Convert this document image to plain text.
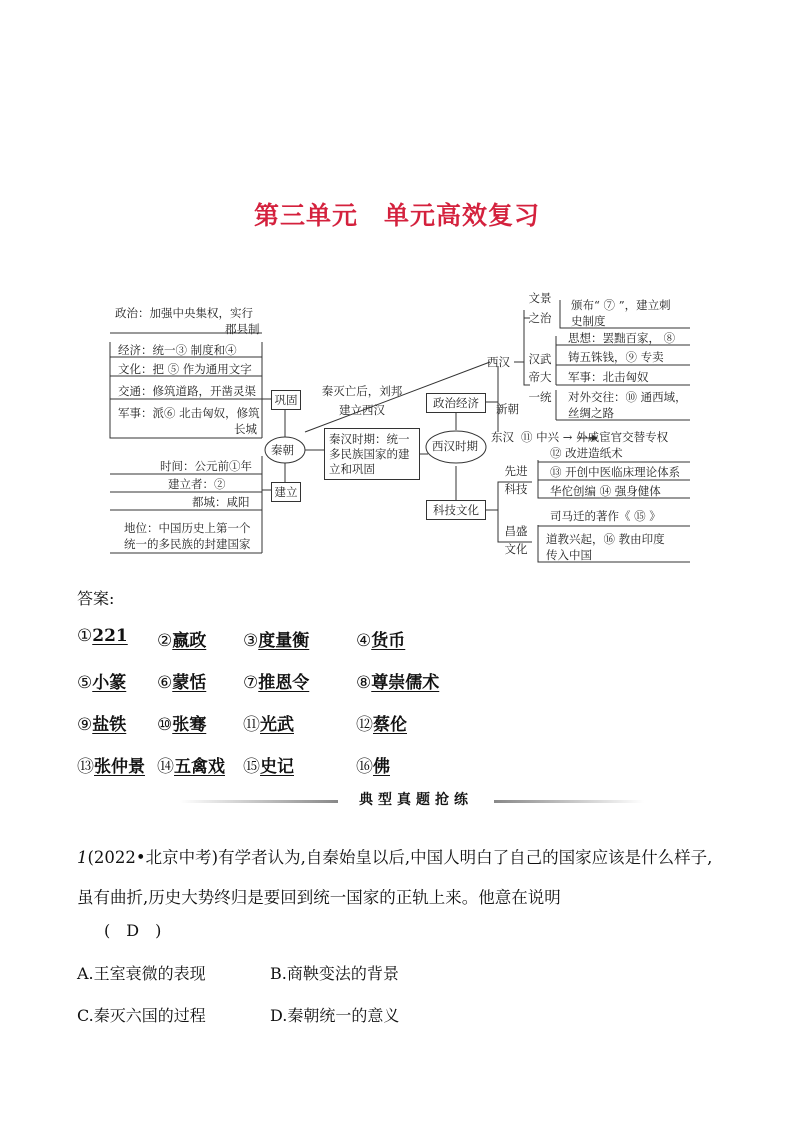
第三单元 单元高效复习
政治：加强中央集权，实行
郡县制
经济：统一③ 制度和④
文化：把 ⑤ 作为通用文字
交通：修筑道路，开凿灵渠
军事：派⑥ 北击匈奴，修筑
长城
巩固
秦朝
建立
时间：公元前①年
建立者：②
都城：咸阳
地位：中国历史上第一个
统一的多民族的封建国家
秦灭亡后，刘邦
建立西汉
秦汉时期：统一多民族国家的建立和巩固
西汉时期
政治经济
科技文化
西汉
新朝
东汉 ⑪ 中兴 → 外戚宦官交替专权
文景
之治
颁布“ ⑦ ”，建立刺
史制度
汉武
帝大
一统
思想：罢黜百家， ⑧
铸五铢钱，⑨ 专卖
军事：北击匈奴
对外交往：⑩ 通西域，
丝绸之路
先进
科技
⑫ 改进造纸术
⑬ 开创中医临床理论体系
华佗创编 ⑭ 强身健体
昌盛
文化
司马迁的著作《 ⑮ 》
道教兴起，⑯ 教由印度
传入中国
答案:
①221 ②嬴政 ③度量衡	④货币
⑤小篆 ⑥蒙恬 ⑦推恩令	⑧尊崇儒术
⑨盐铁 ⑩张骞 ⑪光武	⑫蔡伦
⑬张仲景 ⑭五禽戏 ⑮史记	⑯佛
典型真题抢练
1(2022•北京中考)有学者认为,自秦始皇以后,中国人明白了自己的国家应该是什么样子,虽有曲折,历史大势终归是要回到统一国家的正轨上来。他意在说明
(　D　)
A.王室衰微的表现	B.商鞅变法的背景
C.秦灭六国的过程	D.秦朝统一的意义
